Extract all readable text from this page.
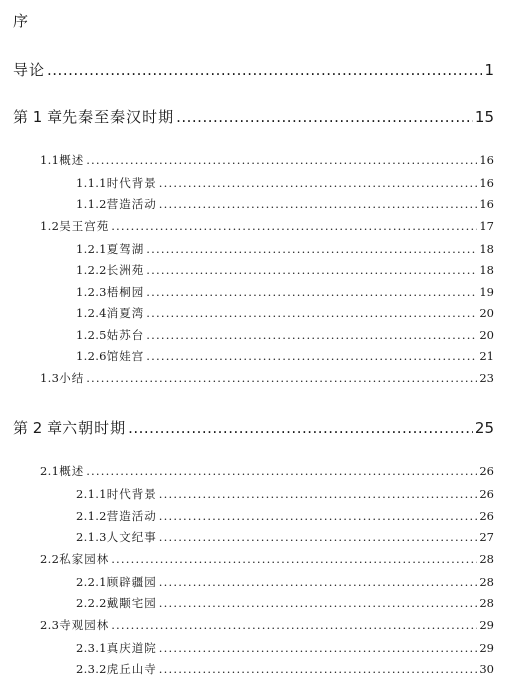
序
导论 .....	1
第 1 章 先秦至秦汉时期 .....	15
1.1 概述 .....	16
1.1.1 时代背景 .....	16
1.1.2 营造活动 .....	16
1.2 吴王宫苑 .....	17
1.2.1 夏驾湖 .....	18
1.2.2 长洲苑 .....	18
1.2.3 梧桐园 .....	19
1.2.4 消夏湾 .....	20
1.2.5 姑苏台 .....	20
1.2.6 馆娃宫 .....	21
1.3 小结 .....	23
第 2 章 六朝时期 .....	25
2.1 概述 .....	26
2.1.1 时代背景 .....	26
2.1.2 营造活动 .....	26
2.1.3 人文纪事 .....	27
2.2 私家园林 .....	28
2.2.1 顾辟疆园 .....	28
2.2.2 戴颙宅园 .....	28
2.3 寺观园林 .....	29
2.3.1 真庆道院 .....	29
2.3.2 虎丘山寺 .....	30
